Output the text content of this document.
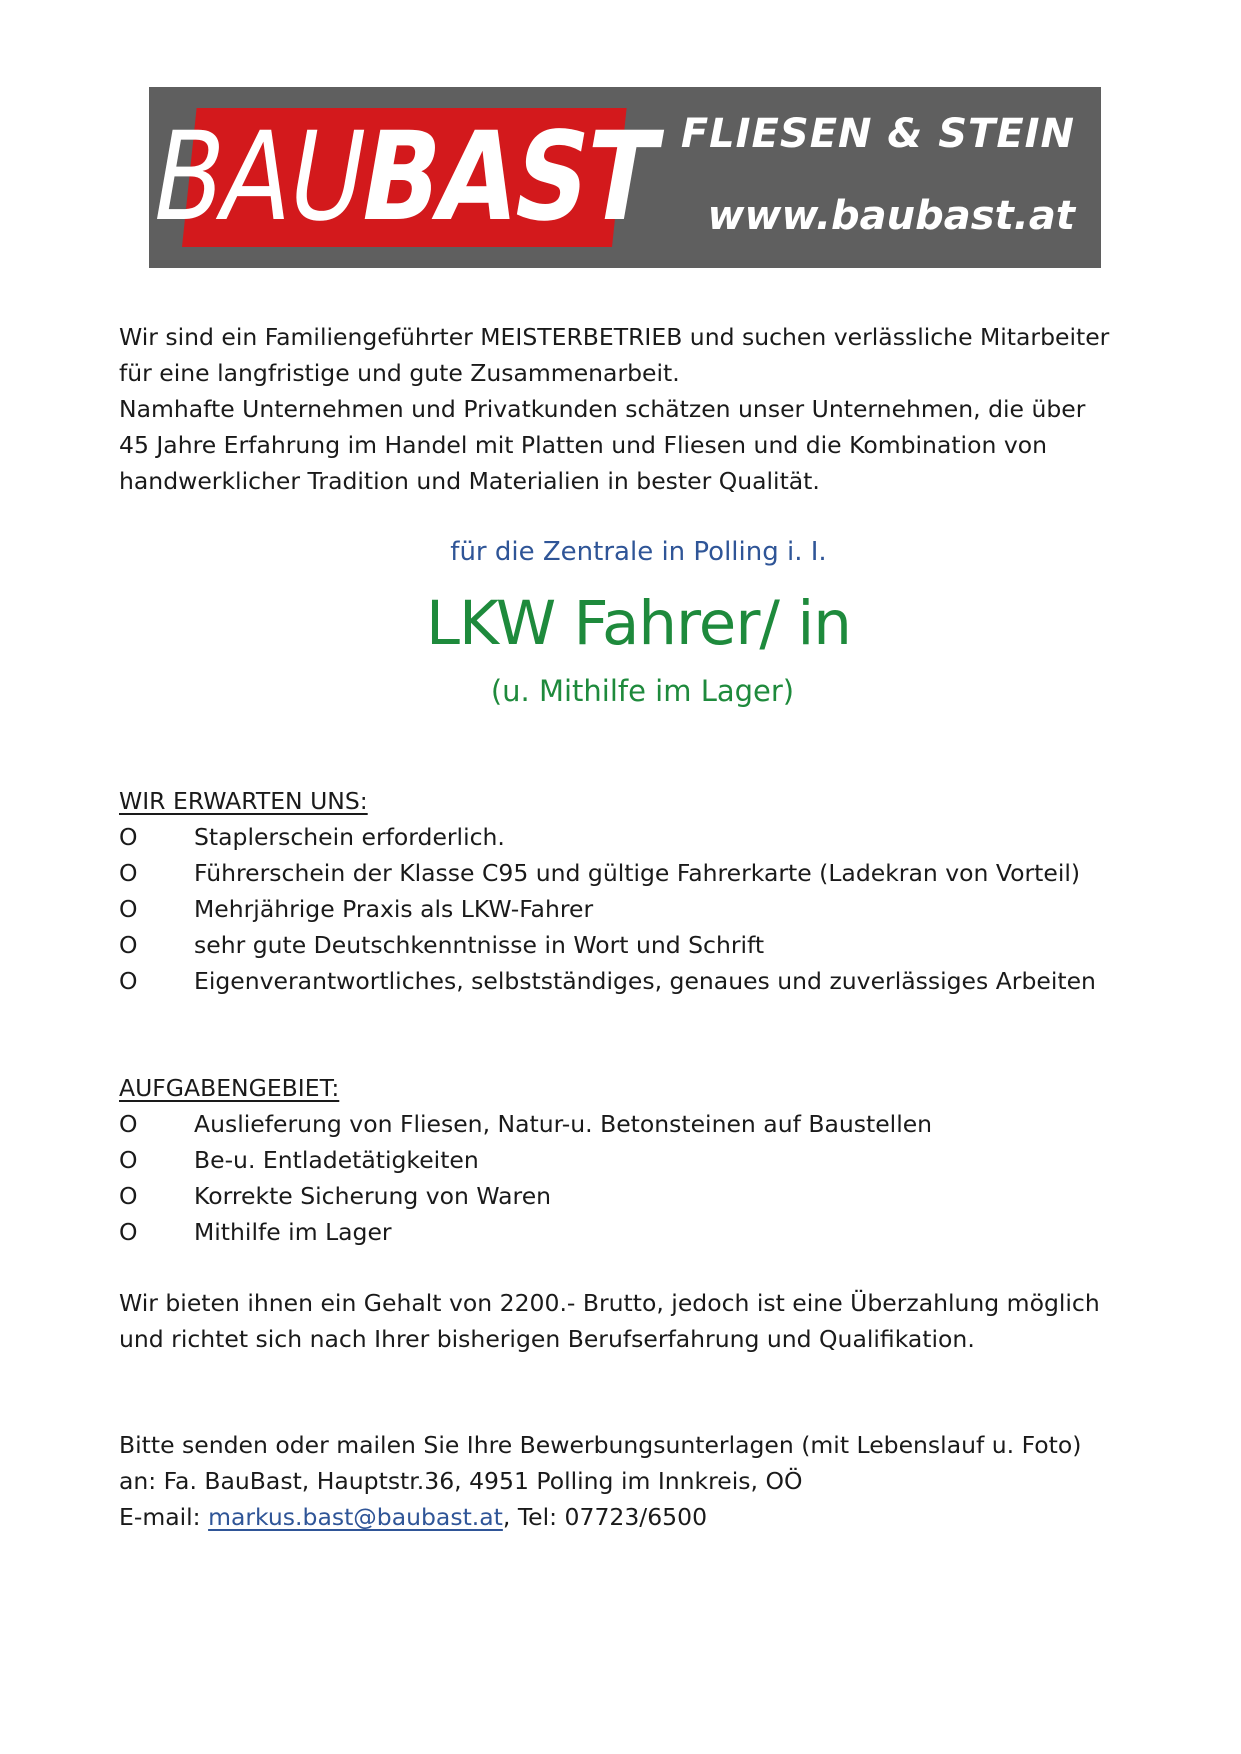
BAU
BAST FLIESEN & STEIN
www.baubast.at
Wir sind ein Familiengeführter MEISTERBETRIEB und suchen verlässliche Mitarbeiter
für eine langfristige und gute Zusammenarbeit.
Namhafte Unternehmen und Privatkunden schätzen unser Unternehmen, die über
45 Jahre Erfahrung im Handel mit Platten und Fliesen und die Kombination von
handwerklicher Tradition und Materialien in bester Qualität.
für die Zentrale in Polling i. I.
LKW Fahrer/ in
(u. Mithilfe im Lager)
WIR ERWARTEN UNS:
O	Staplerschein erforderlich.
O	Führerschein der Klasse C95 und gültige Fahrerkarte (Ladekran von Vorteil)
O	Mehrjährige Praxis als LKW-Fahrer
O	sehr gute Deutschkenntnisse in Wort und Schrift
O	Eigenverantwortliches, selbstständiges, genaues und zuverlässiges Arbeiten
AUFGABENGEBIET:
O	Auslieferung von Fliesen, Natur-u. Betonsteinen auf Baustellen
O	Be-u. Entladetätigkeiten
O	Korrekte Sicherung von Waren
O	Mithilfe im Lager
Wir bieten ihnen ein Gehalt von 2200.- Brutto, jedoch ist eine Überzahlung möglich
und richtet sich nach Ihrer bisherigen Berufserfahrung und Qualifikation.
Bitte senden oder mailen Sie Ihre Bewerbungsunterlagen (mit Lebenslauf u. Foto)
an: Fa. BauBast, Hauptstr.36, 4951 Polling im Innkreis, OÖ
E-mail: markus.bast@baubast.at, Tel: 07723/6500
